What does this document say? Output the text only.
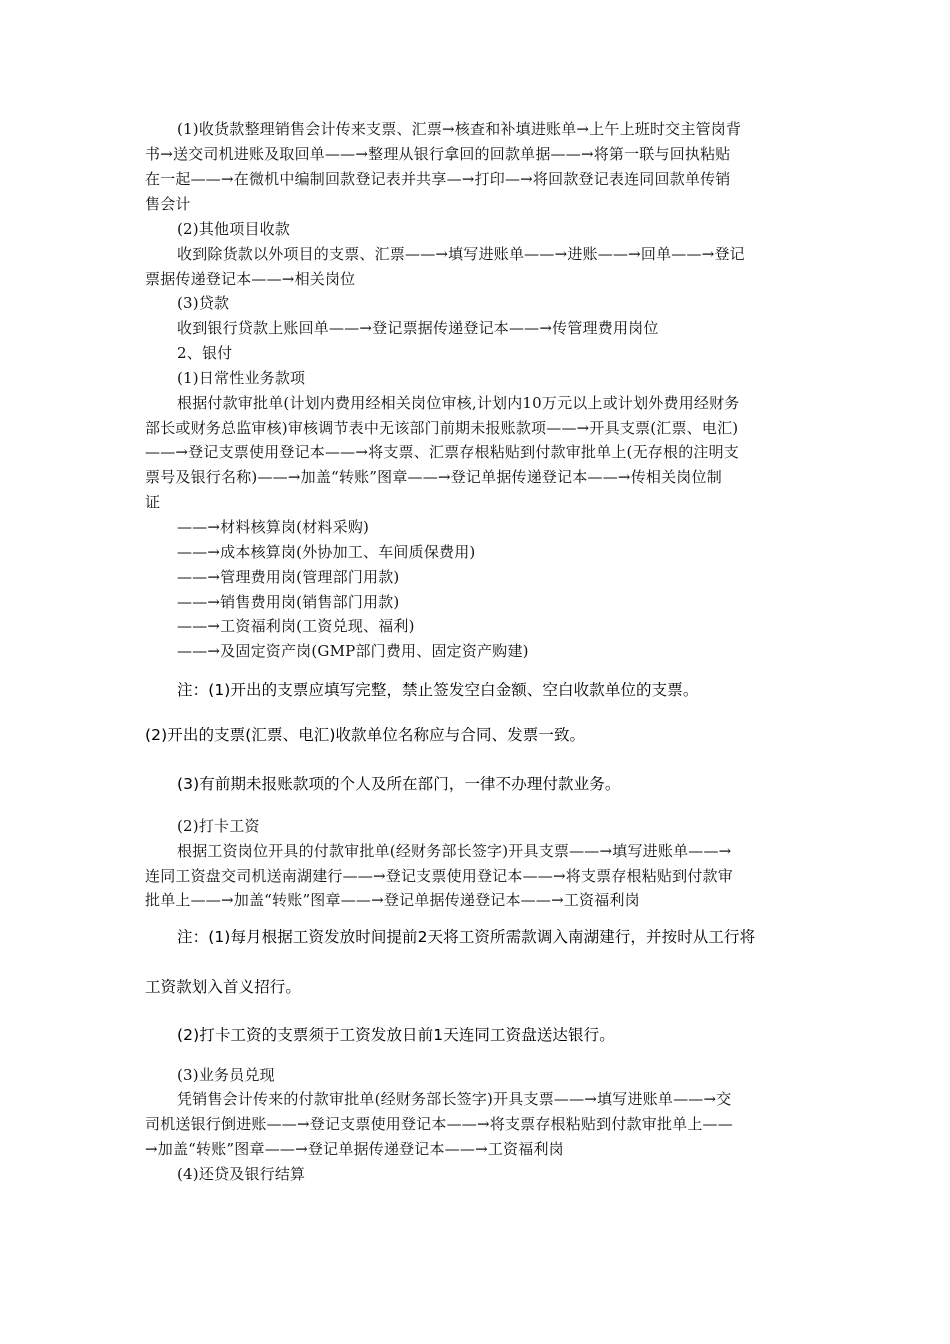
(1)收货款整理销售会计传来支票、汇票→核查和补填进账单→上午上班时交主管岗背

书→送交司机进账及取回单——→整理从银行拿回的回款单据——→将第一联与回执粘贴

在一起——→在微机中编制回款登记表并共享—→打印—→将回款登记表连同回款单传销

售会计

(2)其他项目收款

收到除货款以外项目的支票、汇票——→填写进账单——→进账——→回单——→登记

票据传递登记本——→相关岗位

(3)贷款

收到银行贷款上账回单——→登记票据传递登记本——→传管理费用岗位

2、银付

(1)日常性业务款项

根据付款审批单(计划内费用经相关岗位审核,计划内10万元以上或计划外费用经财务

部长或财务总监审核)审核调节表中无该部门前期未报账款项——→开具支票(汇票、电汇)

——→登记支票使用登记本——→将支票、汇票存根粘贴到付款审批单上(无存根的注明支

票号及银行名称)——→加盖“转账”图章——→登记单据传递登记本——→传相关岗位制

证

——→材料核算岗(材料采购)

——→成本核算岗(外协加工、车间质保费用)

——→管理费用岗(管理部门用款)

——→销售费用岗(销售部门用款)

——→工资福利岗(工资兑现、福利)

——→及固定资产岗(GMP部门费用、固定资产购建)

注：(1)开出的支票应填写完整，禁止签发空白金额、空白收款单位的支票。

(2)开出的支票(汇票、电汇)收款单位名称应与合同、发票一致。

(3)有前期未报账款项的个人及所在部门，一律不办理付款业务。

(2)打卡工资

根据工资岗位开具的付款审批单(经财务部长签字)开具支票——→填写进账单——→

连同工资盘交司机送南湖建行——→登记支票使用登记本——→将支票存根粘贴到付款审

批单上——→加盖“转账”图章——→登记单据传递登记本——→工资福利岗

注：(1)每月根据工资发放时间提前2天将工资所需款调入南湖建行，并按时从工行将

工资款划入首义招行。

(2)打卡工资的支票须于工资发放日前1天连同工资盘送达银行。

(3)业务员兑现

凭销售会计传来的付款审批单(经财务部长签字)开具支票——→填写进账单——→交

司机送银行倒进账——→登记支票使用登记本——→将支票存根粘贴到付款审批单上——

→加盖“转账”图章——→登记单据传递登记本——→工资福利岗

(4)还贷及银行结算
